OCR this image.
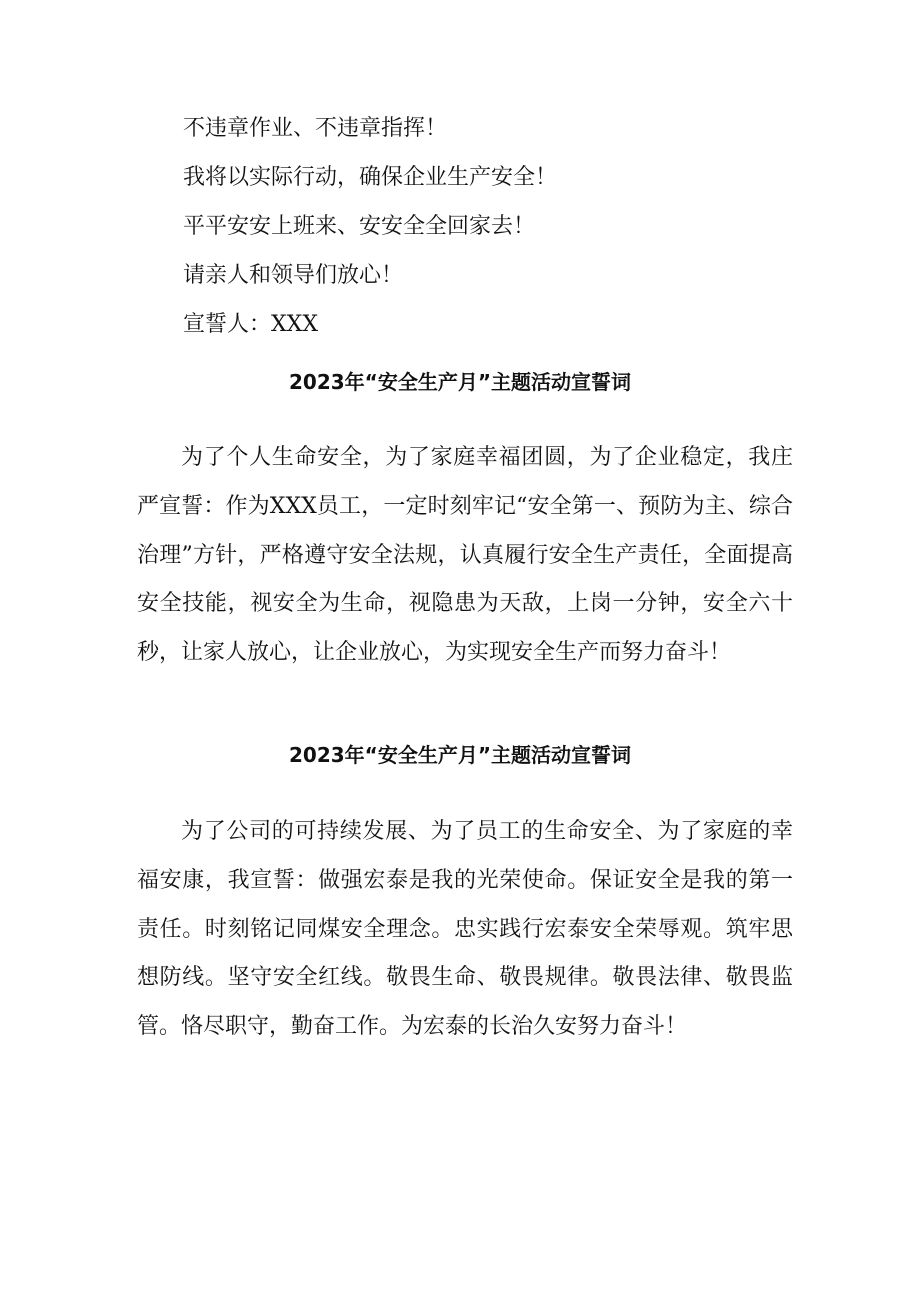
不违章作业、不违章指挥！
我将以实际行动，确保企业生产安全！
平平安安上班来、安安全全回家去！
请亲人和领导们放心！
宣誓人：XXX
2023年“安全生产月”主题活动宣誓词

为了个人生命安全，为了家庭幸福团圆，为了企业稳定，我庄严宣誓：作为XXX员工，一定时刻牢记“安全第一、预防为主、综合治理”方针，严格遵守安全法规，认真履行安全生产责任，全面提高安全技能，视安全为生命，视隐患为天敌，上岗一分钟，安全六十秒，让家人放心，让企业放心，为实现安全生产而努力奋斗！

2023年“安全生产月”主题活动宣誓词

为了公司的可持续发展、为了员工的生命安全、为了家庭的幸福安康，我宣誓：做强宏泰是我的光荣使命。保证安全是我的第一责任。时刻铭记同煤安全理念。忠实践行宏泰安全荣辱观。筑牢思想防线。坚守安全红线。敬畏生命、敬畏规律。敬畏法律、敬畏监管。恪尽职守，勤奋工作。为宏泰的长治久安努力奋斗！
